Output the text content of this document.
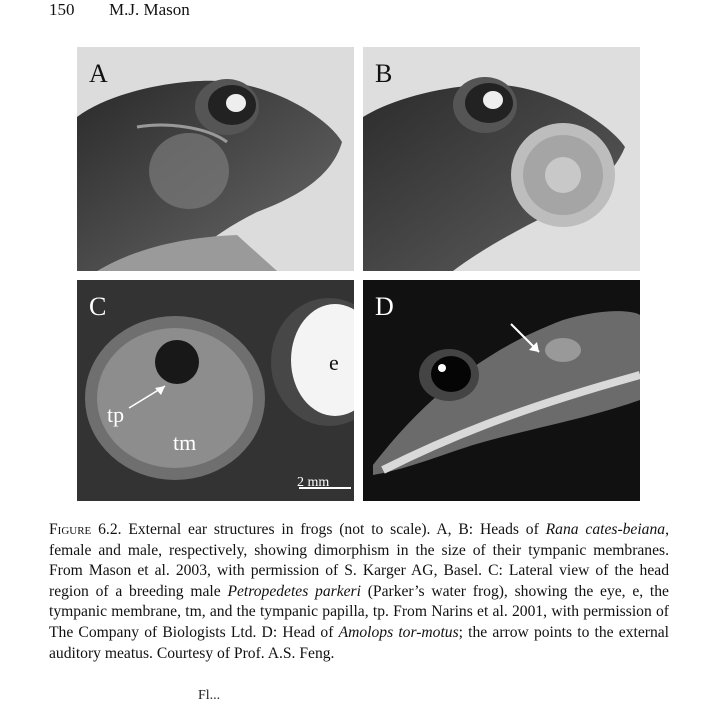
150 M.J. Mason
A	B
C
e
tp
tm
2 mm
D
Figure 6.2. External ear structures in frogs (not to scale). A, B: Heads of Rana cates-beiana, female and male, respectively, showing dimorphism in the size of their tympanic membranes. From Mason et al. 2003, with permission of S. Karger AG, Basel. C: Lateral view of the head region of a breeding male Petropedetes parkeri (Parker’s water frog), showing the eye, e, the tympanic membrane, tm, and the tympanic papilla, tp. From Narins et al. 2001, with permission of The Company of Biologists Ltd. D: Head of Amolops tor-motus; the arrow points to the external auditory meatus. Courtesy of Prof. A.S. Feng.
Fl...
